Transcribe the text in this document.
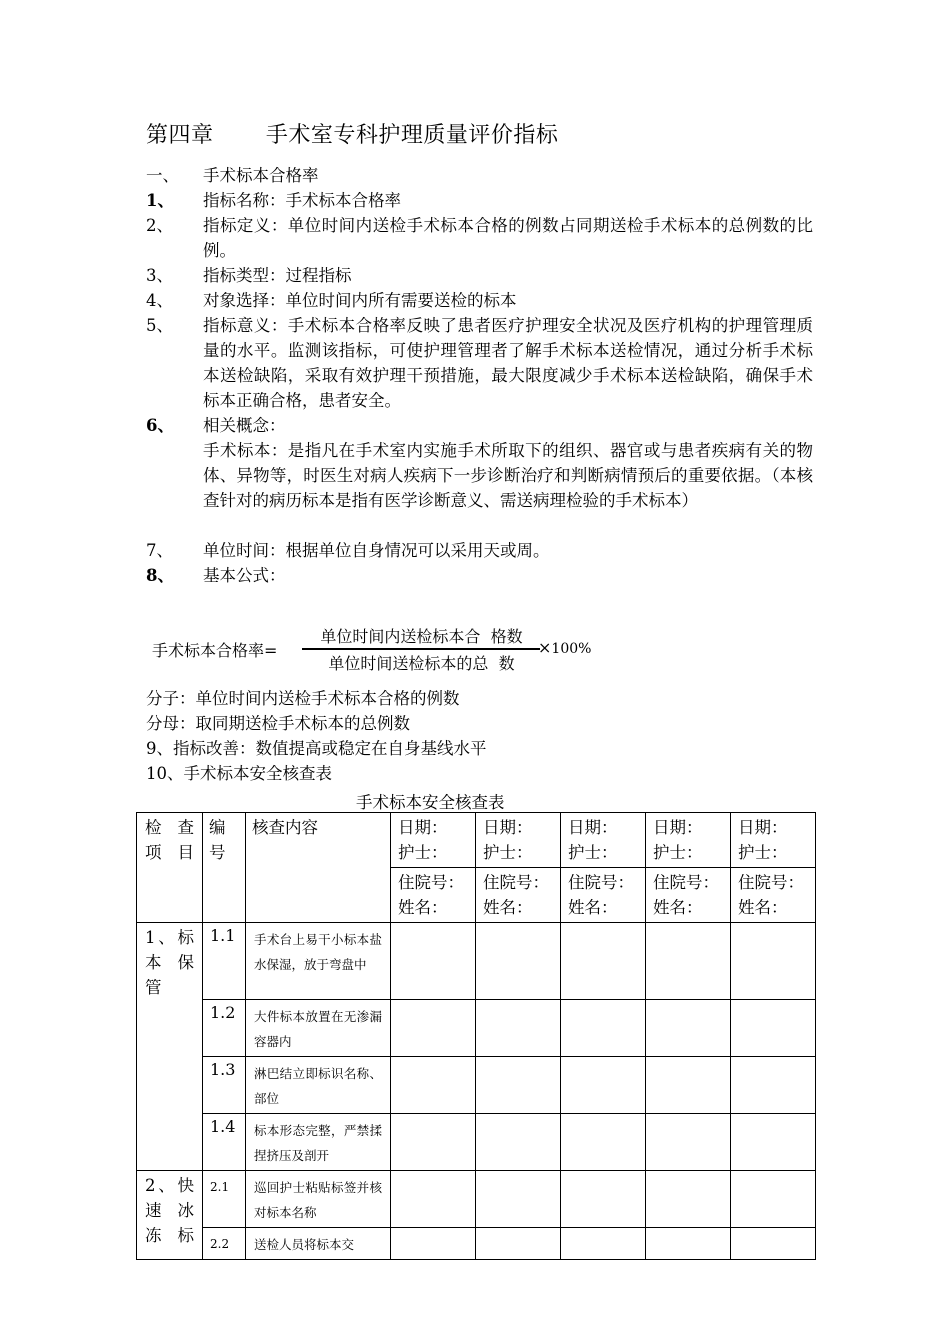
第四章	手术室专科护理质量评价指标
一、	手术标本合格率
1、	指标名称：手术标本合格率
2、	指标定义：单位时间内送检手术标本合格的例数占同期送检手术标本的总例数的比例。
3、	指标类型：过程指标
4、	对象选择：单位时间内所有需要送检的标本
5、	指标意义：手术标本合格率反映了患者医疗护理安全状况及医疗机构的护理管理质量的水平。监测该指标，可使护理管理者了解手术标本送检情况，通过分析手术标本送检缺陷，采取有效护理干预措施，最大限度减少手术标本送检缺陷，确保手术标本正确合格，患者安全。
6、	相关概念：
手术标本：是指凡在手术室内实施手术所取下的组织、器官或与患者疾病有关的物体、异物等，时医生对病人疾病下一步诊断治疗和判断病情预后的重要依据。（本核查针对的病历标本是指有医学诊断意义、需送病理检验的手术标本）
7、	单位时间：根据单位自身情况可以采用天或周。
8、	基本公式：
手术标本合格率=
单位时间内送检标本合  格数
单位时间送检标本的总  数
×100%
分子：单位时间内送检手术标本合格的例数
分母：取同期送检手术标本的总例数
9、指标改善：数值提高或稳定在自身基线水平
10、手术标本安全核查表
手术标本安全核查表
检 查 项目	编号	核查内容	日期：
护士：	日期：
护士：	日期：
护士：	日期：
护士：	日期：
护士：

			住院号：
姓名：	住院号：
姓名：	住院号：
姓名：	住院号：
姓名：	住院号：
姓名：

1、标本保管	1.1	手术台上易干小标本盐水保湿，放于弯盘中					

	1.2	大件标本放置在无渗漏容器内					

	1.3	淋巴结立即标识名称、部位					

	1.4	标本形态完整，严禁揉捏挤压及剖开					

2、快速冰冻标	2.1	巡回护士粘贴标签并核对标本名称					

	2.2	送检人员将标本交					
